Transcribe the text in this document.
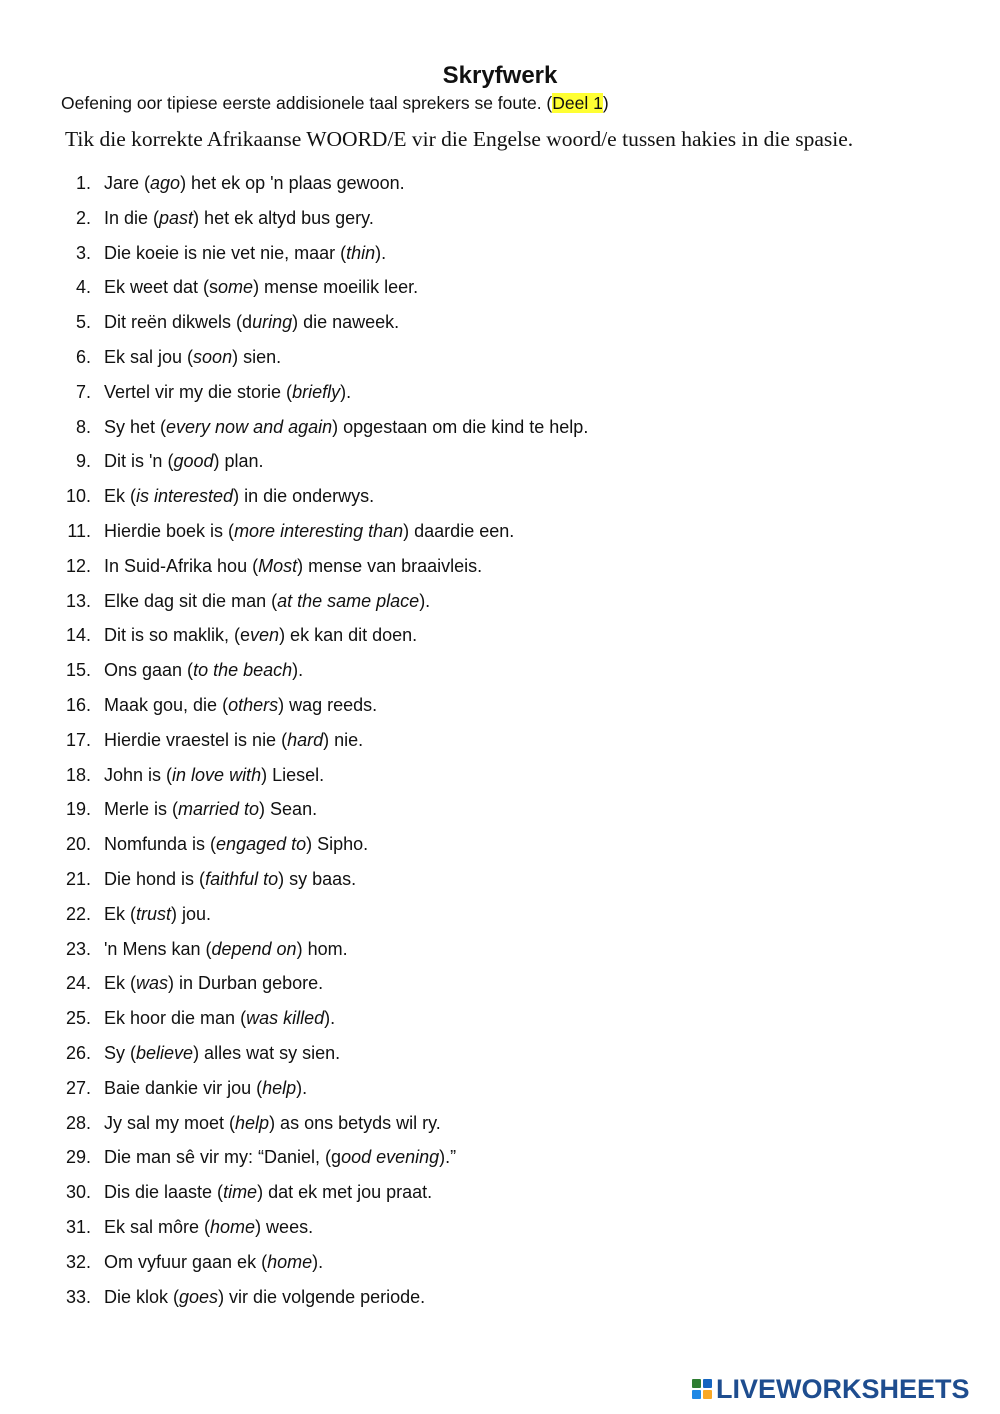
Skryfwerk
Oefening oor tipiese eerste addisionele taal sprekers se foute. (Deel 1)
Tik die korrekte Afrikaanse WOORD/E vir die Engelse woord/e tussen hakies in die spasie.
1. Jare (ago) het ek op 'n plaas gewoon.
2. In die (past) het ek altyd bus gery.
3. Die koeie is nie vet nie, maar (thin).
4. Ek weet dat (some) mense moeilik leer.
5. Dit reën dikwels (during) die naweek.
6. Ek sal jou (soon) sien.
7. Vertel vir my die storie (briefly).
8. Sy het (every now and again) opgestaan om die kind te help.
9. Dit is 'n (good) plan.
10. Ek (is interested) in die onderwys.
11. Hierdie boek is (more interesting than) daardie een.
12. In Suid-Afrika hou (Most) mense van braaivleis.
13. Elke dag sit die man (at the same place).
14. Dit is so maklik, (even) ek kan dit doen.
15. Ons gaan (to the beach).
16. Maak gou, die (others) wag reeds.
17. Hierdie vraestel is nie (hard) nie.
18. John is (in love with) Liesel.
19. Merle is (married to) Sean.
20. Nomfunda is (engaged to) Sipho.
21. Die hond is (faithful to) sy baas.
22. Ek (trust) jou.
23. 'n Mens kan (depend on) hom.
24. Ek (was) in Durban gebore.
25. Ek hoor die man (was killed).
26. Sy (believe) alles wat sy sien.
27. Baie dankie vir jou (help).
28. Jy sal my moet (help) as ons betyds wil ry.
29. Die man sê vir my: “Daniel, (good evening).”
30. Dis die laaste (time) dat ek met jou praat.
31. Ek sal môre (home) wees.
32. Om vyfuur gaan ek (home).
33. Die klok (goes) vir die volgende periode.
LIVEWORKSHEETS
